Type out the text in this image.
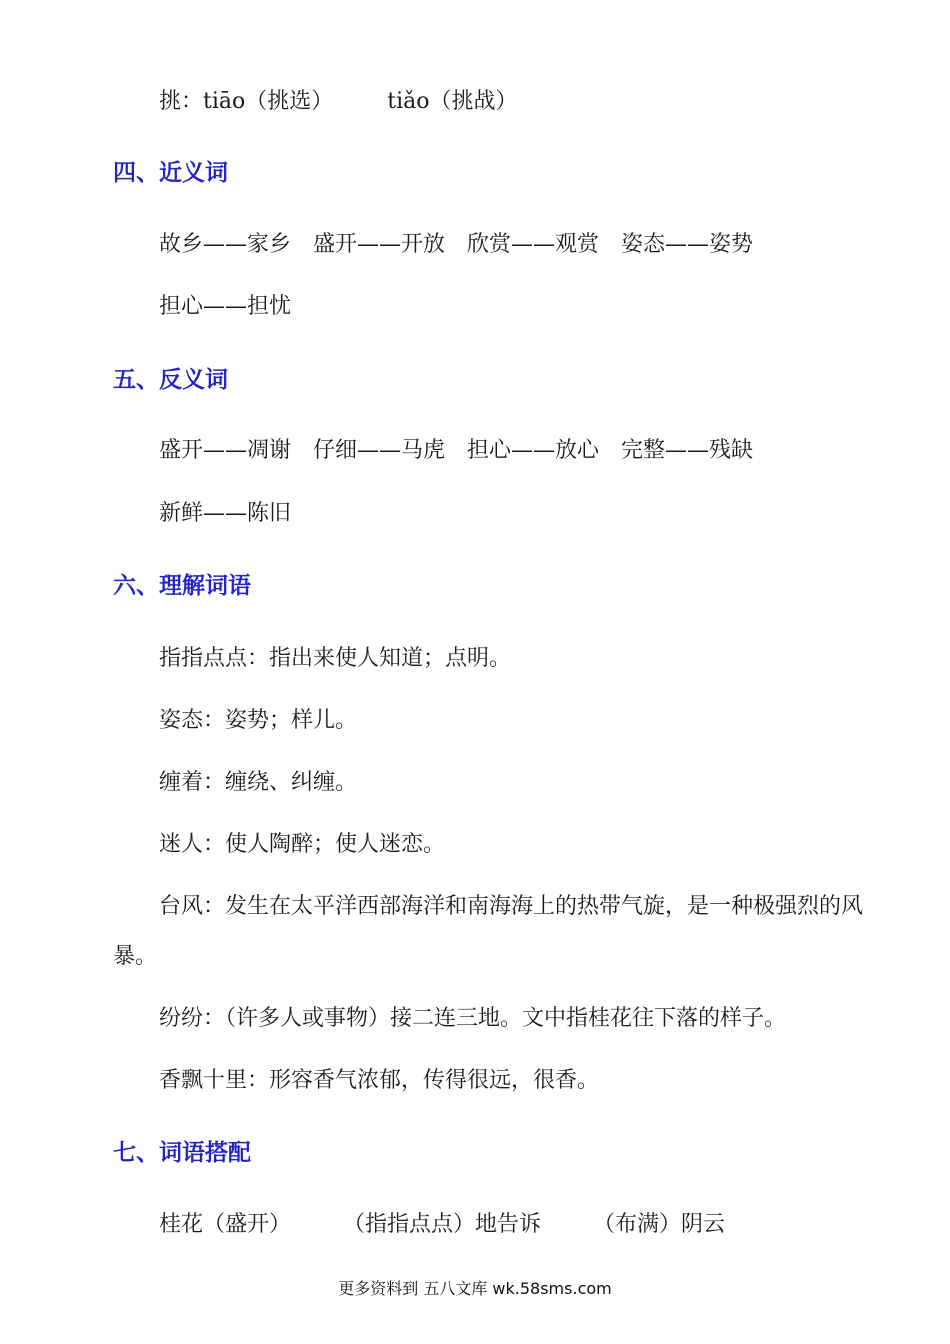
挑：tiāo（挑选） tiǎo（挑战）
四、近义词
故乡——家乡 盛开——开放 欣赏——观赏 姿态——姿势
担心——担忧
五、反义词
盛开——凋谢 仔细——马虎 担心——放心 完整——残缺
新鲜——陈旧
六、理解词语
指指点点：指出来使人知道；点明。
姿态：姿势；样儿。
缠着：缠绕、纠缠。
迷人：使人陶醉；使人迷恋。
台风：发生在太平洋西部海洋和南海海上的热带气旋，是一种极强烈的风暴。
纷纷：（许多人或事物）接二连三地。文中指桂花往下落的样子。
香飘十里：形容香气浓郁，传得很远，很香。
七、词语搭配
桂花（盛开） （指指点点）地告诉 （布满）阴云
更多资料到 五八文库 wk.58sms.com
